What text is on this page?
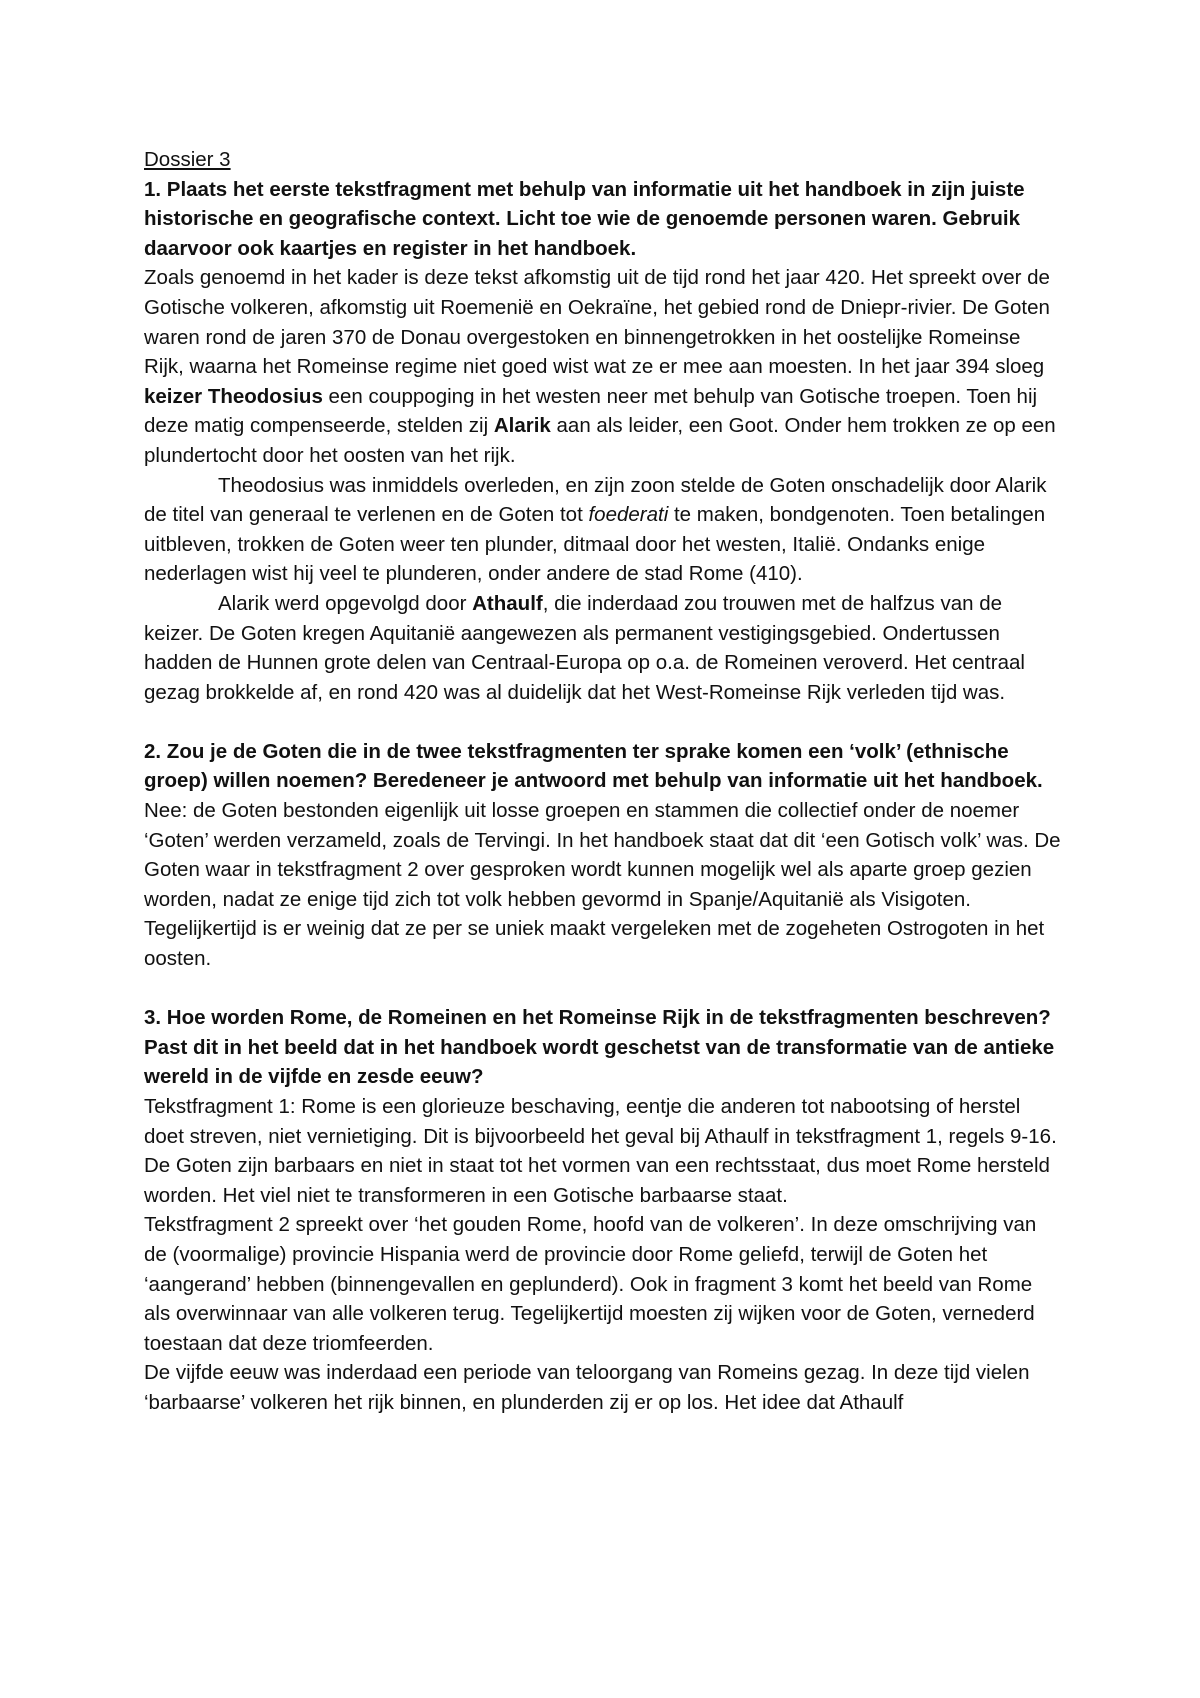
Dossier 3

1. Plaats het eerste tekstfragment met behulp van informatie uit het handboek in zijn juiste historische en geografische context. Licht toe wie de genoemde personen waren. Gebruik daarvoor ook kaartjes en register in het handboek.

Zoals genoemd in het kader is deze tekst afkomstig uit de tijd rond het jaar 420. Het spreekt over de Gotische volkeren, afkomstig uit Roemenië en Oekraïne, het gebied rond de Dniepr-rivier. De Goten waren rond de jaren 370 de Donau overgestoken en binnengetrokken in het oostelijke Romeinse Rijk, waarna het Romeinse regime niet goed wist wat ze er mee aan moesten. In het jaar 394 sloeg keizer Theodosius een couppoging in het westen neer met behulp van Gotische troepen. Toen hij deze matig compenseerde, stelden zij Alarik aan als leider, een Goot. Onder hem trokken ze op een plundertocht door het oosten van het rijk.

Theodosius was inmiddels overleden, en zijn zoon stelde de Goten onschadelijk door Alarik de titel van generaal te verlenen en de Goten tot foederati te maken, bondgenoten. Toen betalingen uitbleven, trokken de Goten weer ten plunder, ditmaal door het westen, Italië. Ondanks enige nederlagen wist hij veel te plunderen, onder andere de stad Rome (410).

Alarik werd opgevolgd door Athaulf, die inderdaad zou trouwen met de halfzus van de keizer. De Goten kregen Aquitanië aangewezen als permanent vestigingsgebied. Ondertussen hadden de Hunnen grote delen van Centraal-Europa op o.a. de Romeinen veroverd. Het centraal gezag brokkelde af, en rond 420 was al duidelijk dat het West-Romeinse Rijk verleden tijd was.

2. Zou je de Goten die in de twee tekstfragmenten ter sprake komen een ‘volk’ (ethnische groep) willen noemen? Beredeneer je antwoord met behulp van informatie uit het handboek.

Nee: de Goten bestonden eigenlijk uit losse groepen en stammen die collectief onder de noemer ‘Goten’ werden verzameld, zoals de Tervingi. In het handboek staat dat dit ‘een Gotisch volk’ was. De Goten waar in tekstfragment 2 over gesproken wordt kunnen mogelijk wel als aparte groep gezien worden, nadat ze enige tijd zich tot volk hebben gevormd in Spanje/Aquitanië als Visigoten. Tegelijkertijd is er weinig dat ze per se uniek maakt vergeleken met de zogeheten Ostrogoten in het oosten.

3. Hoe worden Rome, de Romeinen en het Romeinse Rijk in de tekstfragmenten beschreven? Past dit in het beeld dat in het handboek wordt geschetst van de transformatie van de antieke wereld in de vijfde en zesde eeuw?

Tekstfragment 1: Rome is een glorieuze beschaving, eentje die anderen tot nabootsing of herstel doet streven, niet vernietiging. Dit is bijvoorbeeld het geval bij Athaulf in tekstfragment 1, regels 9-16. De Goten zijn barbaars en niet in staat tot het vormen van een rechtsstaat, dus moet Rome hersteld worden. Het viel niet te transformeren in een Gotische barbaarse staat.

Tekstfragment 2 spreekt over ‘het gouden Rome, hoofd van de volkeren’. In deze omschrijving van de (voormalige) provincie Hispania werd de provincie door Rome geliefd, terwijl de Goten het ‘aangerand’ hebben (binnengevallen en geplunderd). Ook in fragment 3 komt het beeld van Rome als overwinnaar van alle volkeren terug. Tegelijkertijd moesten zij wijken voor de Goten, vernederd toestaan dat deze triomfeerden.

De vijfde eeuw was inderdaad een periode van teloorgang van Romeins gezag. In deze tijd vielen ‘barbaarse’ volkeren het rijk binnen, en plunderden zij er op los. Het idee dat Athaulf
